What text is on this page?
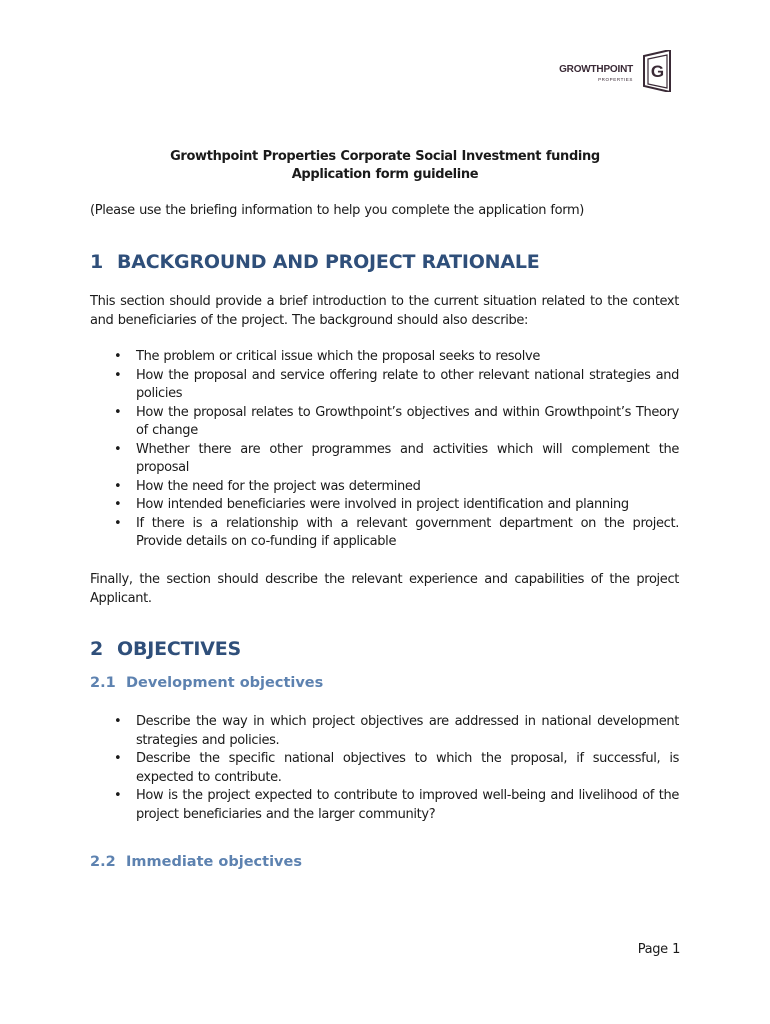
GROWTHPOINT
PROPERTIES G
Growthpoint Properties Corporate Social Investment funding
Application form guideline
(Please use the briefing information to help you complete the application form)
1 BACKGROUND AND PROJECT RATIONALE

This section should provide a brief introduction to the current situation related to the context and beneficiaries of the project. The background should also describe:

• The problem or critical issue which the proposal seeks to resolve
• How the proposal and service offering relate to other relevant national strategies and policies
• How the proposal relates to Growthpoint’s objectives and within Growthpoint’s Theory of change
• Whether there are other programmes and activities which will complement the proposal
• How the need for the project was determined
• How intended beneficiaries were involved in project identification and planning
• If there is a relationship with a relevant government department on the project. Provide details on co-funding if applicable

Finally, the section should describe the relevant experience and capabilities of the project Applicant.

2 OBJECTIVES
2.1 Development objectives
• Describe the way in which project objectives are addressed in national development strategies and policies.
• Describe the specific national objectives to which the proposal, if successful, is expected to contribute.
• How is the project expected to contribute to improved well-being and livelihood of the project beneficiaries and the larger community?
2.2 Immediate objectives
Page 1
